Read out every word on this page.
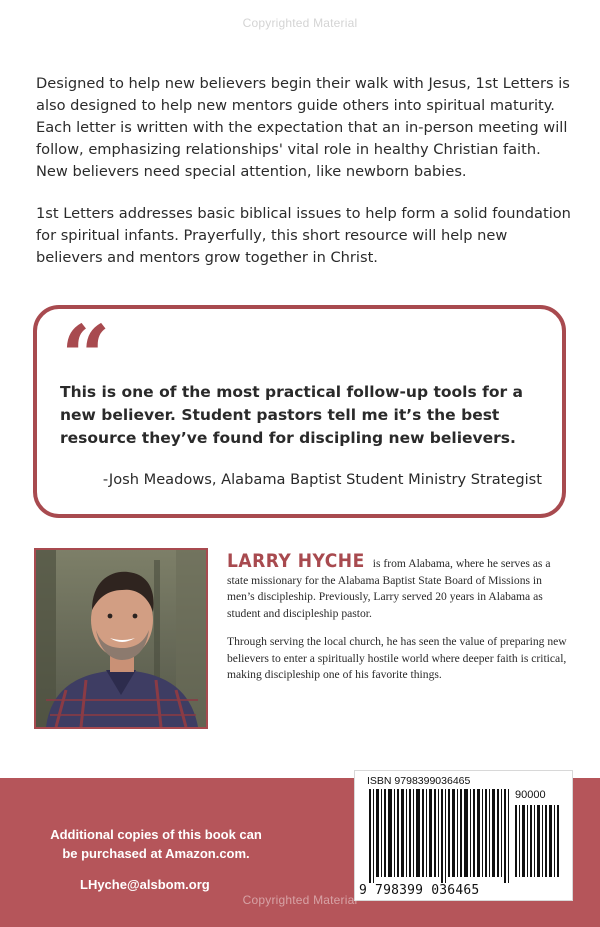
Copyrighted Material

Designed to help new believers begin their walk with Jesus, 1st Letters is also designed to help new mentors guide others into spiritual maturity. Each letter is written with the expectation that an in-person meeting will follow, emphasizing relationships' vital role in healthy Christian faith. New believers need special attention, like newborn babies.

1st Letters addresses basic biblical issues to help form a solid foundation for spiritual infants. Prayerfully, this short resource will help new believers and mentors grow together in Christ.

“
This is one of the most practical follow-up tools for a new believer. Student pastors tell me it’s the best resource they’ve found for discipling new believers.
-Josh Meadows, Alabama Baptist Student Ministry Strategist

LARRY HYCHE is from Alabama, where he serves as a state missionary for the Alabama Baptist State Board of Missions in men’s discipleship. Previously, Larry served 20 years in Alabama as student and discipleship pastor.

Through serving the local church, he has seen the value of preparing new believers to enter a spiritually hostile world where deeper faith is critical, making discipleship one of his favorite things.

Additional copies of this book can
be purchased at Amazon.com.
LHyche@alsbom.org
ISBN 9798399036465
90000
9 798399 036465
Copyrighted Material
